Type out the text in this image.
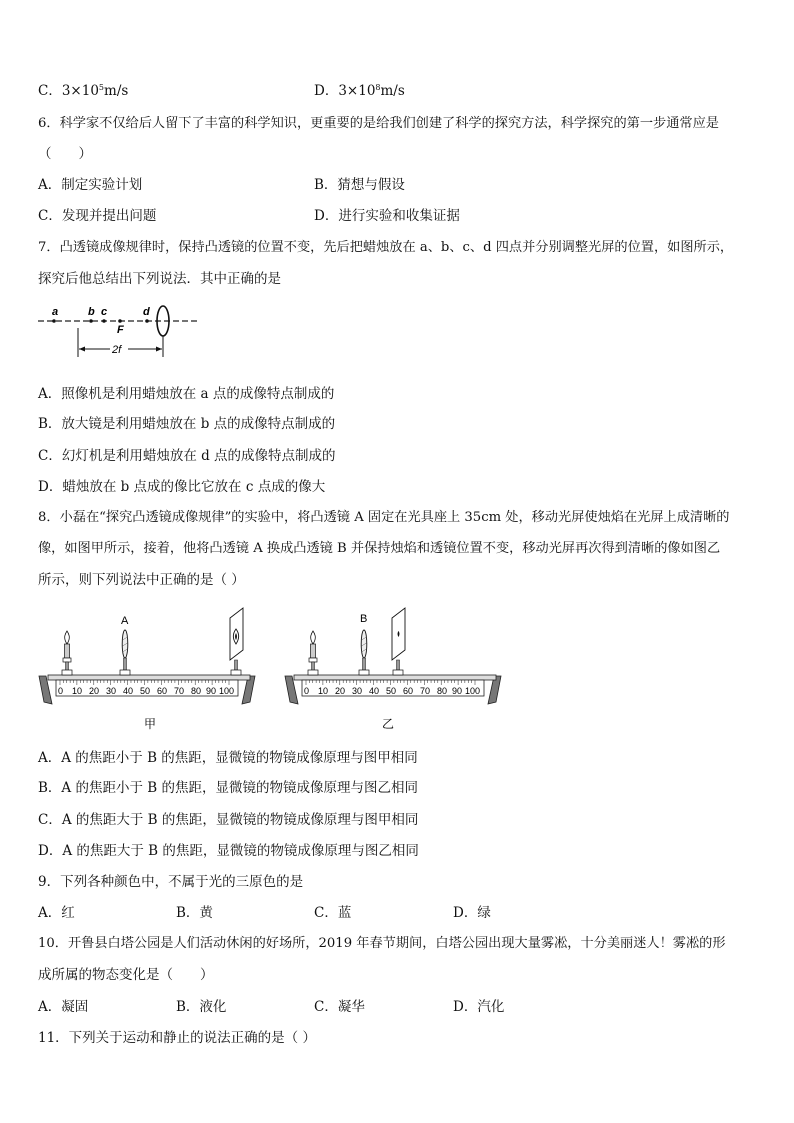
C．$3\times 10^5m/s$	D．$3\times 10^8m/s$
6．科学家不仅给后人留下了丰富的科学知识，更重要的是给我们创建了科学的探究方法，科学探究的第一步通常应是
（　　）
A．制定实验计划	B．猜想与假设
C．发现并提出问题	D．进行实验和收集证据
7．凸透镜成像规律时，保持凸透镜的位置不变，先后把蜡烛放在 a、b、c、d 四点并分别调整光屏的位置，如图所示，
探究后他总结出下列说法．其中正确的是
a	b c	d
F
2f
A．照像机是利用蜡烛放在 a 点的成像特点制成的
B．放大镜是利用蜡烛放在 b 点的成像特点制成的
C．幻灯机是利用蜡烛放在 d 点的成像特点制成的
D．蜡烛放在 b 点成的像比它放在 c 点成的像大
8．小磊在“探究凸透镜成像规律”的实验中，将凸透镜 A 固定在光具座上 35cm 处，移动光屏使烛焰在光屏上成清晰的
像，如图甲所示，接着，他将凸透镜 A 换成凸透镜 B 并保持烛焰和透镜位置不变，移动光屏再次得到清晰的像如图乙
所示，则下列说法中正确的是（ ）
0 10 20 30 40 50 60 70 80 90 100
A
甲
0 10 20 30 40 50 60 70 80 90 100
B
乙
A．A 的焦距小于 B 的焦距，显微镜的物镜成像原理与图甲相同
B．A 的焦距小于 B 的焦距，显微镜的物镜成像原理与图乙相同
C．A 的焦距大于 B 的焦距，显微镜的物镜成像原理与图甲相同
D．A 的焦距大于 B 的焦距，显微镜的物镜成像原理与图乙相同
9．下列各种颜色中，不属于光的三原色的是
A．红	B．黄	C．蓝	D．绿
10．开鲁县白塔公园是人们活动休闲的好场所，2019 年春节期间，白塔公园出现大量雾凇，十分美丽迷人！雾凇的形
成所属的物态变化是（　　）
A．凝固	B．液化	C．凝华	D．汽化
11．下列关于运动和静止的说法正确的是（ ）
